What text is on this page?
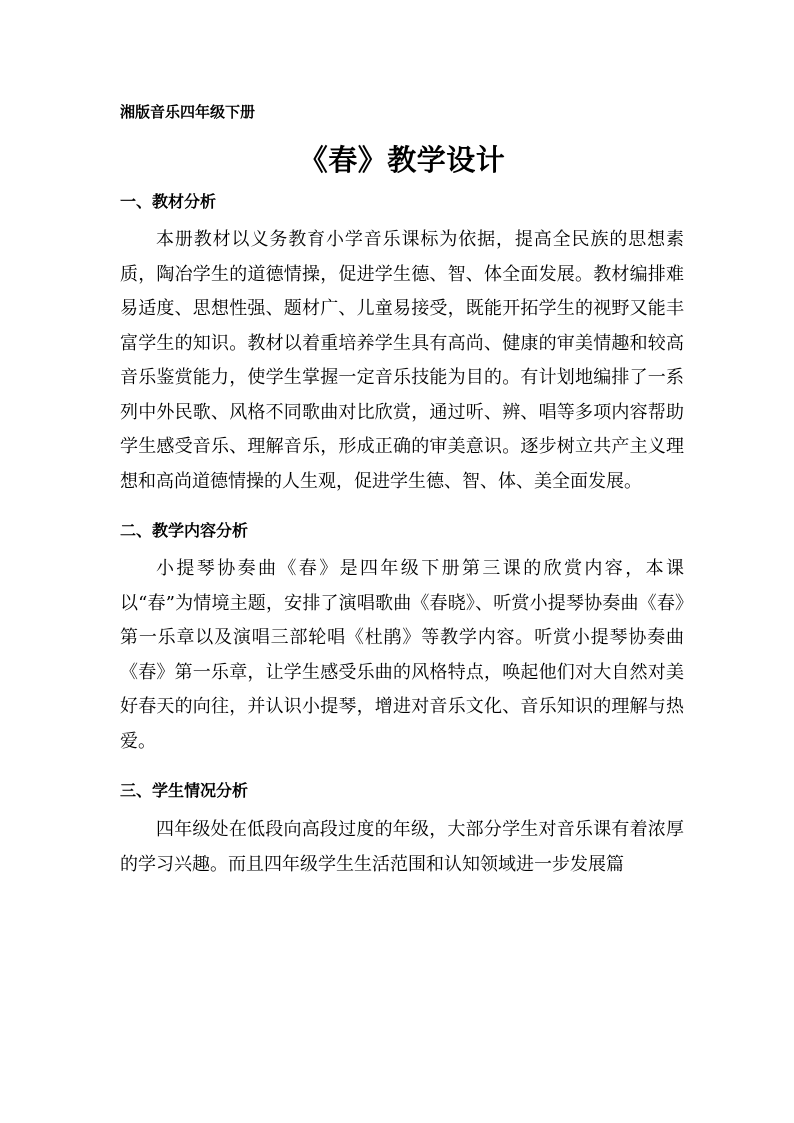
湘版音乐四年级下册

《春》教学设计
一、教材分析

本册教材以义务教育小学音乐课标为依据，提高全民族的思想素质，陶冶学生的道德情操，促进学生德、智、体全面发展。教材编排难易适度、思想性强、题材广、儿童易接受，既能开拓学生的视野又能丰富学生的知识。教材以着重培养学生具有高尚、健康的审美情趣和较高音乐鉴赏能力，使学生掌握一定音乐技能为目的。有计划地编排了一系列中外民歌、风格不同歌曲对比欣赏，通过听、辨、唱等多项内容帮助学生感受音乐、理解音乐，形成正确的审美意识。逐步树立共产主义理想和高尚道德情操的人生观，促进学生德、智、体、美全面发展。

二、教学内容分析

小提琴协奏曲《春》是四年级下册第三课的欣赏内容，本课以“春”为情境主题，安排了演唱歌曲《春晓》、听赏小提琴协奏曲《春》第一乐章以及演唱三部轮唱《杜鹃》等教学内容。听赏小提琴协奏曲《春》第一乐章，让学生感受乐曲的风格特点，唤起他们对大自然对美好春天的向往，并认识小提琴，增进对音乐文化、音乐知识的理解与热爱。

三、学生情况分析

四年级处在低段向高段过度的年级，大部分学生对音乐课有着浓厚的学习兴趣。而且四年级学生生活范围和认知领域进一步发展篇
